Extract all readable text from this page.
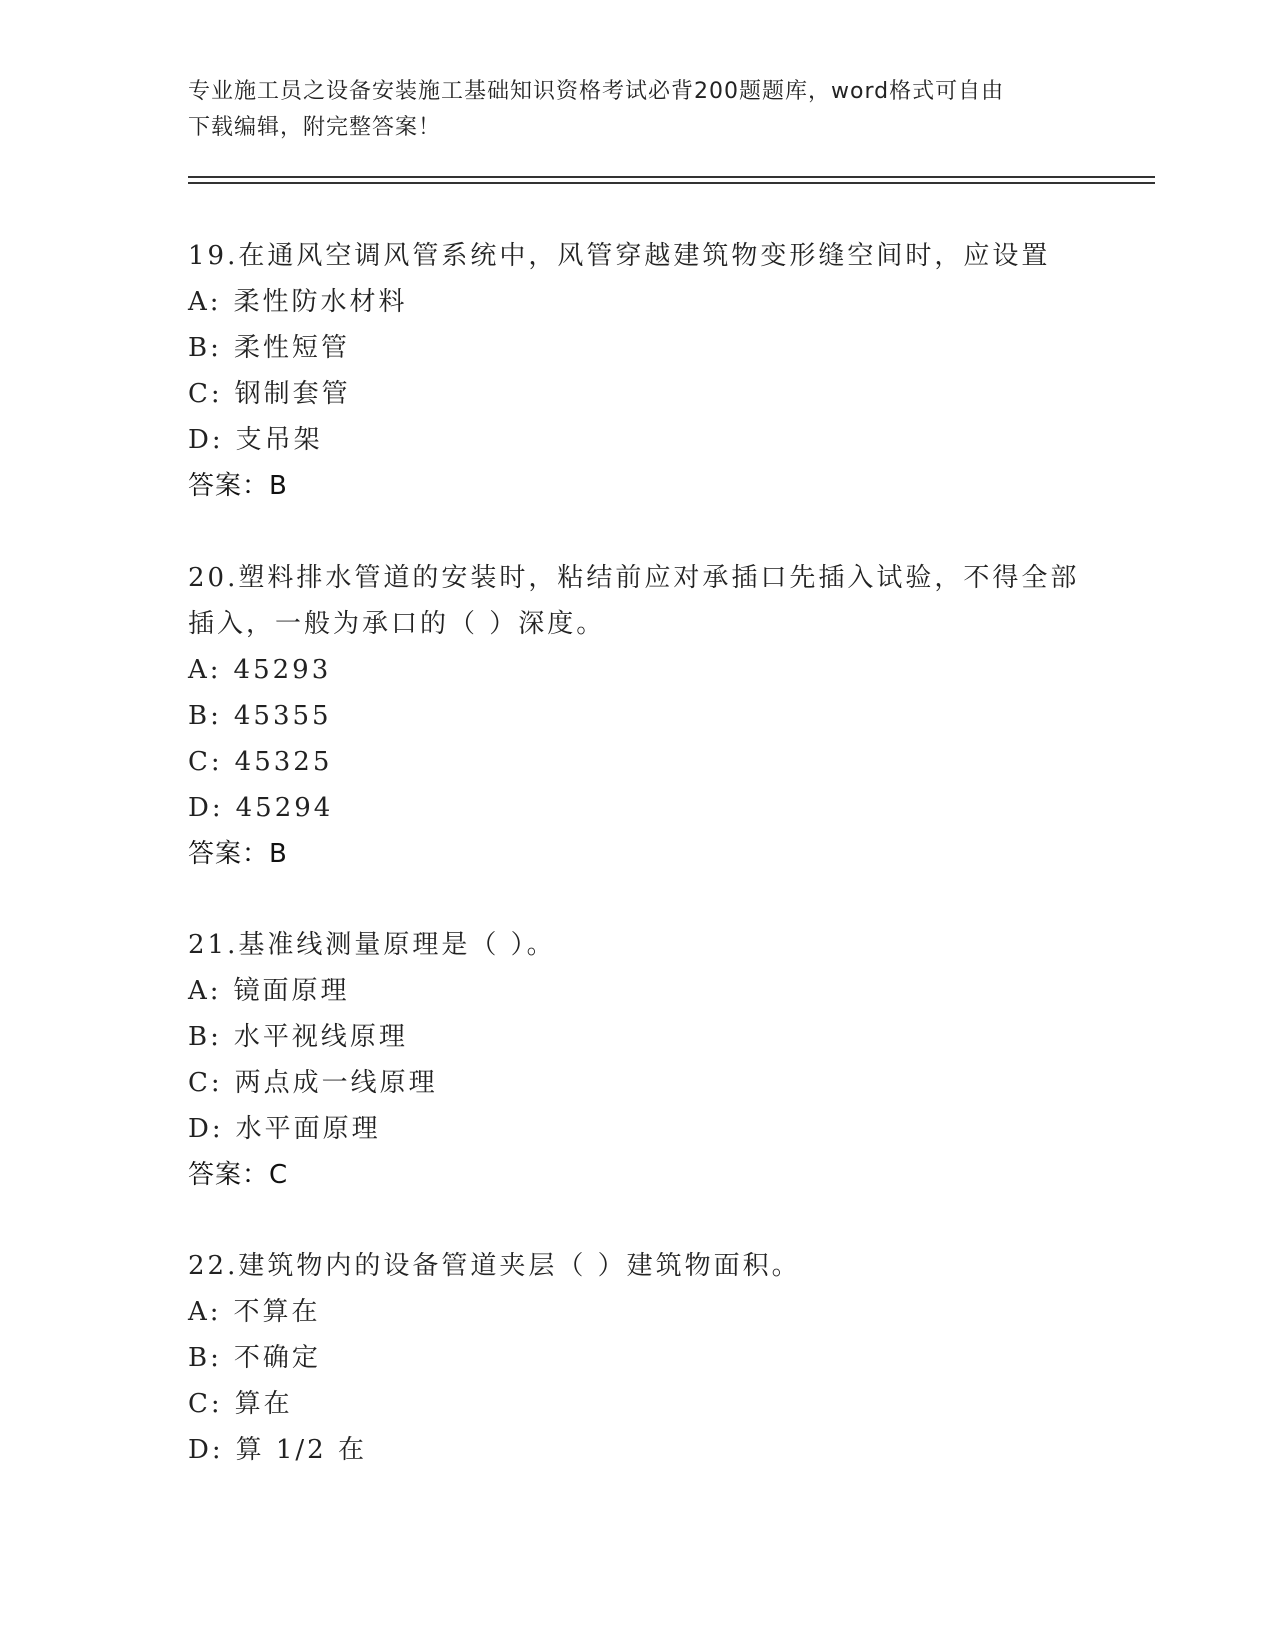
专业施工员之设备安装施工基础知识资格考试必背200题题库，word格式可自由
下载编辑，附完整答案！

19.在通风空调风管系统中，风管穿越建筑物变形缝空间时，应设置

A: 柔性防水材料

B: 柔性短管

C: 钢制套管

D: 支吊架

答案：B

20.塑料排水管道的安装时，粘结前应对承插口先插入试验，不得全部

插入，一般为承口的（ ）深度。

A: 45293

B: 45355

C: 45325

D: 45294

答案：B

21.基准线测量原理是（ ）。

A: 镜面原理

B: 水平视线原理

C: 两点成一线原理

D: 水平面原理

答案：C

22.建筑物内的设备管道夹层（ ）建筑物面积。

A: 不算在

B: 不确定

C: 算在

D: 算 1/2 在
